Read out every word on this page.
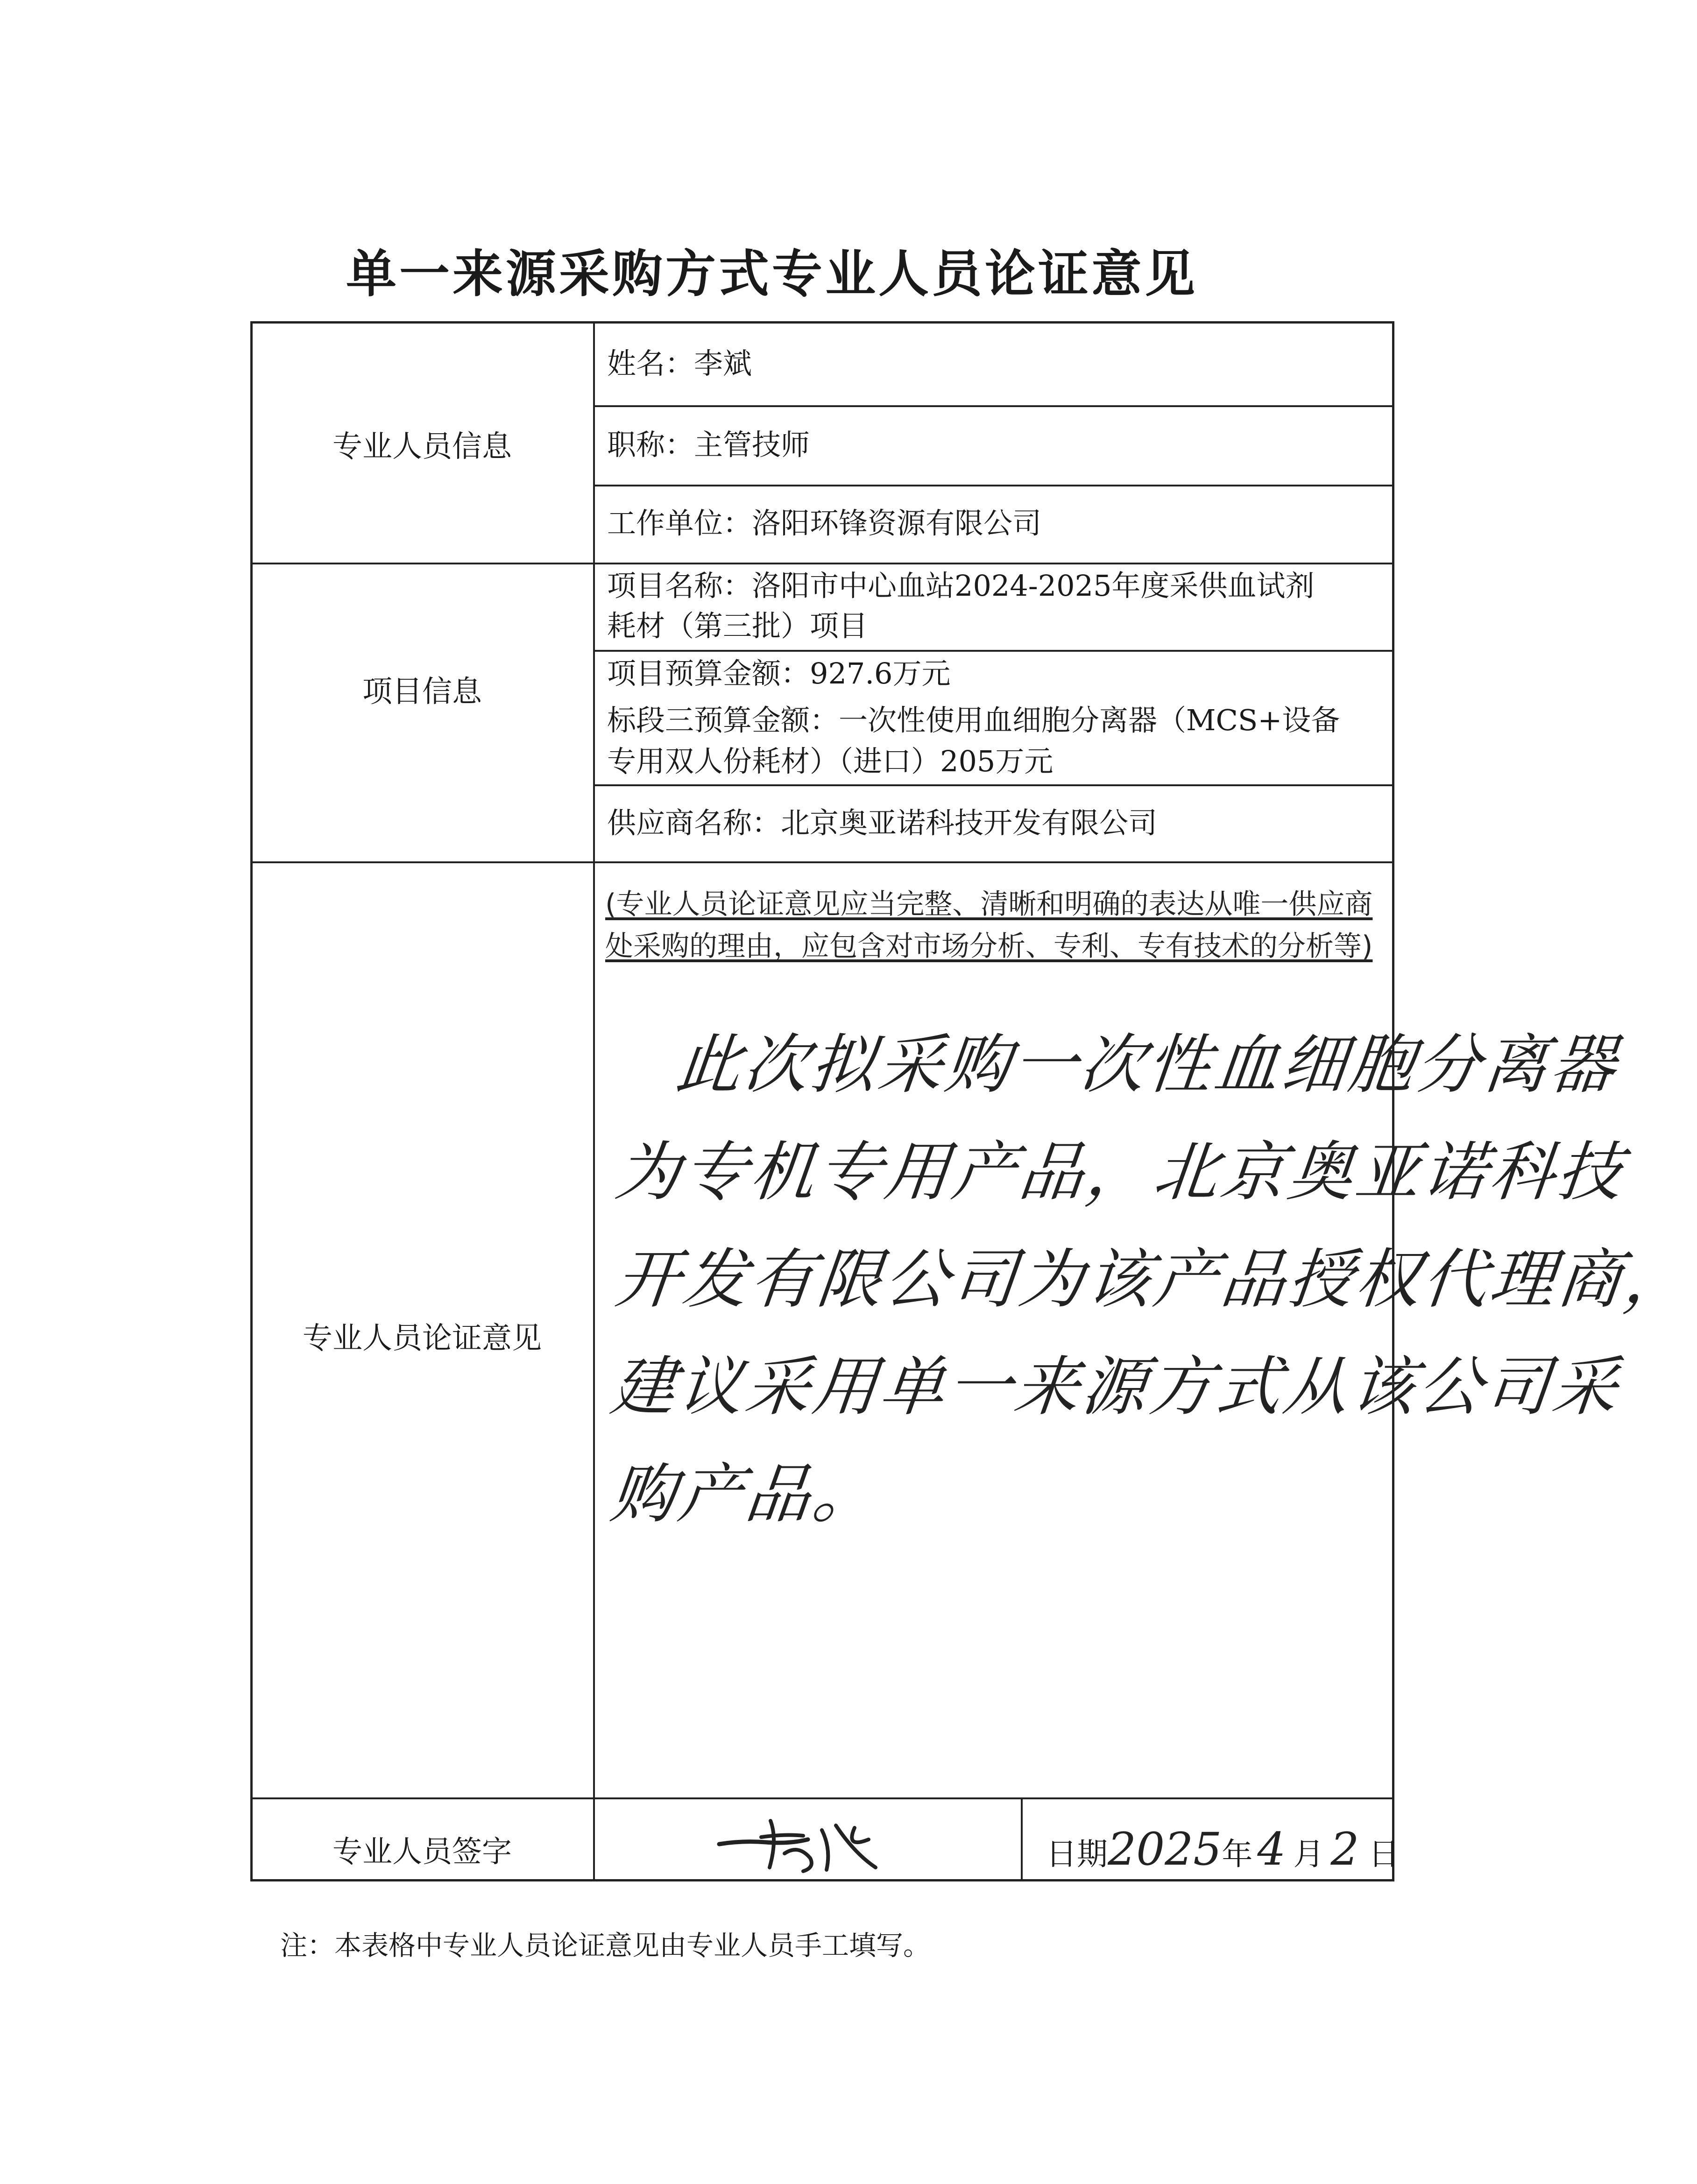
单一来源采购方式专业人员论证意见
专业人员信息
项目信息
专业人员论证意见
专业人员签字
姓名：李斌
职称：主管技师
工作单位：洛阳环锋资源有限公司
项目名称：洛阳市中心血站2024-2025年度采供血试剂
耗材（第三批）项目
项目预算金额：927.6万元
标段三预算金额：一次性使用血细胞分离器（MCS+设备
专用双人份耗材）（进口）205万元
供应商名称：北京奥亚诺科技开发有限公司
(专业人员论证意见应当完整、清晰和明确的表达从唯一供应商处采购的理由，应包含对市场分析、专利、专有技术的分析等)
此次拟采购一次性血细胞分离器
为专机专用产品，北京奥亚诺科技
开发有限公司为该产品授权代理商，
建议采用单一来源方式从该公司采
购产品。
日期2025年 4 月 2 日
注：本表格中专业人员论证意见由专业人员手工填写。
